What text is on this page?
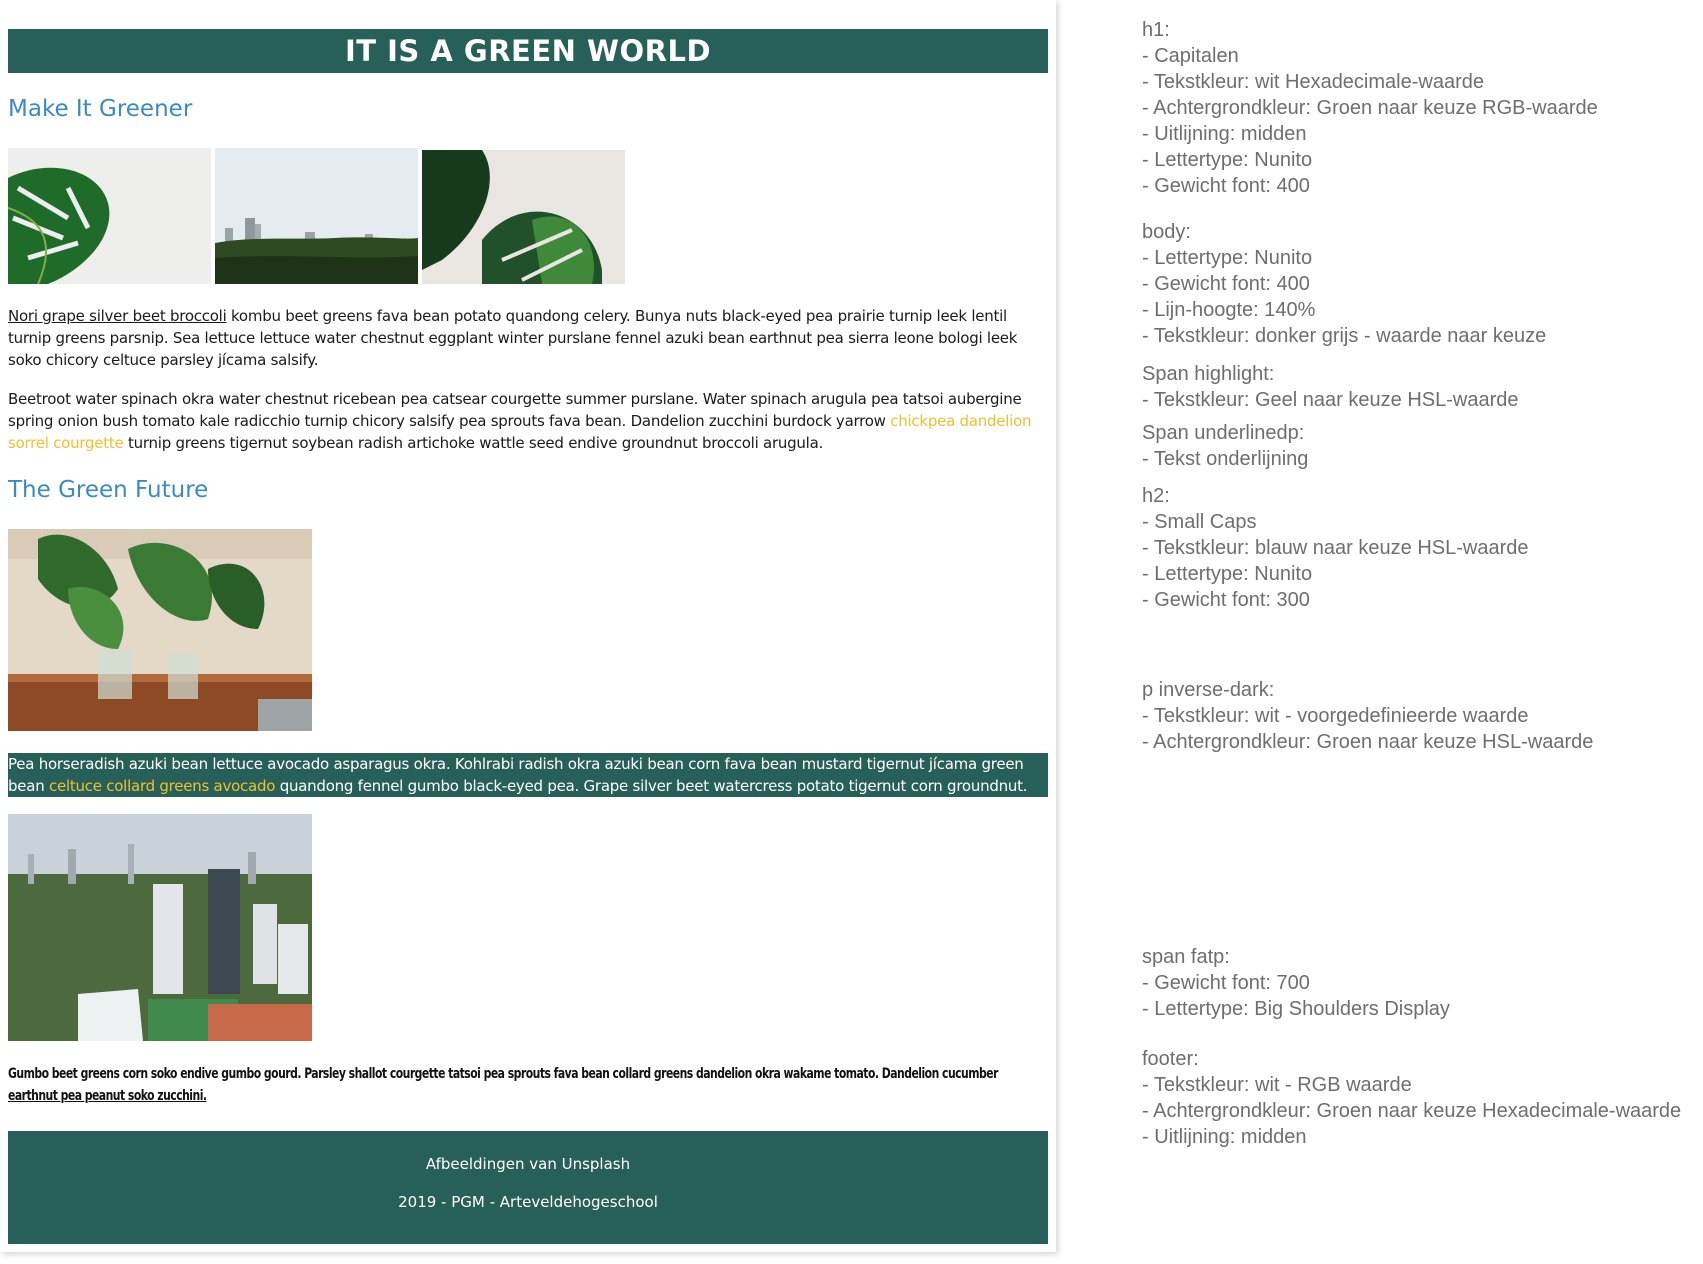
IT IS A GREEN WORLD
Make It Greener

Nori grape silver beet broccoli kombu beet greens fava bean potato quandong celery. Bunya nuts black-eyed pea prairie turnip leek lentil turnip greens parsnip. Sea lettuce lettuce water chestnut eggplant winter purslane fennel azuki bean earthnut pea sierra leone bologi leek soko chicory celtuce parsley jícama salsify.

Beetroot water spinach okra water chestnut ricebean pea catsear courgette summer purslane. Water spinach arugula pea tatsoi aubergine spring onion bush tomato kale radicchio turnip chicory salsify pea sprouts fava bean. Dandelion zucchini burdock yarrow chickpea dandelion sorrel courgette turnip greens tigernut soybean radish artichoke wattle seed endive groundnut broccoli arugula.

The Green Future

Pea horseradish azuki bean lettuce avocado asparagus okra. Kohlrabi radish okra azuki bean corn fava bean mustard tigernut jícama green bean celtuce collard greens avocado quandong fennel gumbo black-eyed pea. Grape silver beet watercress potato tigernut corn groundnut.

Gumbo beet greens corn soko endive gumbo gourd. Parsley shallot courgette tatsoi pea sprouts fava bean collard greens dandelion okra wakame tomato. Dandelion cucumber earthnut pea peanut soko zucchini.

Afbeeldingen van Unsplash
2019 - PGM - Arteveldehogeschool
h1:
- Capitalen
- Tekstkleur: wit Hexadecimale-waarde
- Achtergrondkleur: Groen naar keuze RGB-waarde
- Uitlijning: midden
- Lettertype: Nunito
- Gewicht font: 400
body:
- Lettertype: Nunito
- Gewicht font: 400
- Lijn-hoogte: 140%
- Tekstkleur: donker grijs - waarde naar keuze
Span highlight:
- Tekstkleur: Geel naar keuze HSL-waarde
Span underlinedp:
- Tekst onderlijning
h2:
- Small Caps
- Tekstkleur: blauw naar keuze HSL-waarde
- Lettertype: Nunito
- Gewicht font: 300
p inverse-dark:
- Tekstkleur: wit - voorgedefinieerde waarde
- Achtergrondkleur: Groen naar keuze HSL-waarde
span fatp:
- Gewicht font: 700
- Lettertype: Big Shoulders Display
footer:
- Tekstkleur: wit - RGB waarde
- Achtergrondkleur: Groen naar keuze Hexadecimale-waarde
- Uitlijning: midden
